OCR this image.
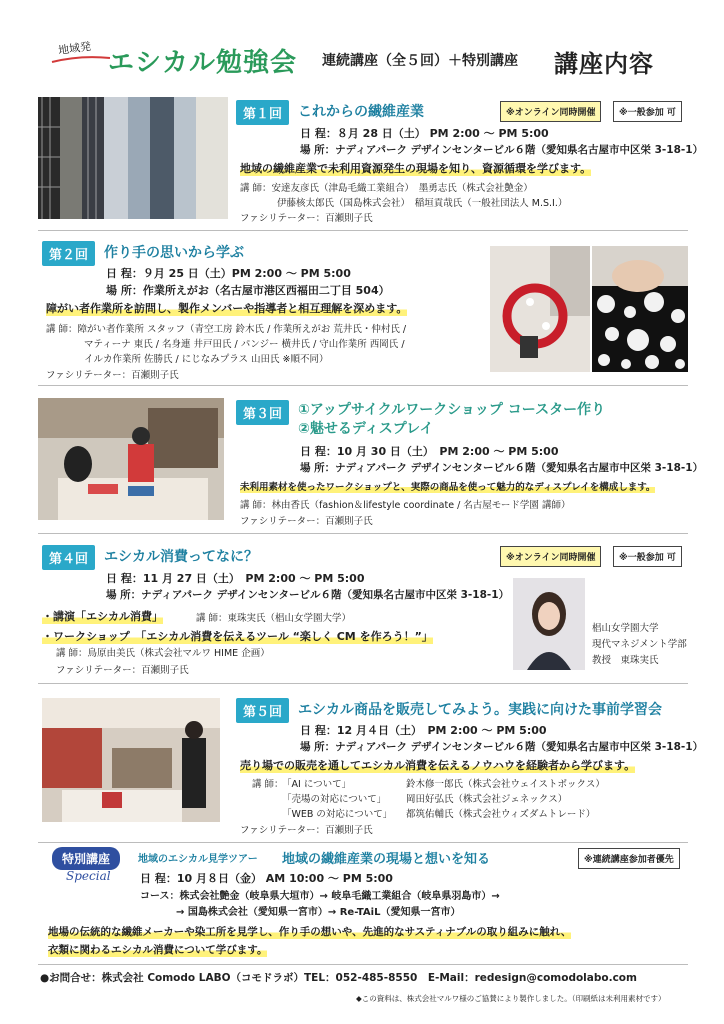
地域発 エシカル勉強会 連続講座（全５回）＋特別講座 講座内容
第１回	これからの繊維産業	※オンライン同時開催	※一般参加 可
日 程：８月 28 日（土） PM 2:00 〜 PM 5:00
場 所：ナディアパーク デザインセンタービル６階（愛知県名古屋市中区栄 3-18-1）
地域の繊維産業で未利用資源発生の現場を知り、資源循環を学びます。
講 師：安達友彦氏（津島毛織工業組合）　墨勇志氏（株式会社艶金）
伊藤核太郎氏（国島株式会社）　稲垣貢哉氏（一般社団法人 M.S.I.）
ファシリテーター：百瀬則子氏
第２回	作り手の思いから学ぶ
日 程：９月 25 日（土）PM 2:00 〜 PM 5:00
場 所：作業所えがお（名古屋市港区西福田二丁目 504）
障がい者作業所を訪問し、製作メンバーや指導者と相互理解を深めます。
講 師：障がい者作業所 スタッフ（青空工房 鈴木氏 / 作業所えがお 荒井氏・仲村氏 /
マティーナ 東氏 / 名身連 井戸田氏 / パンジー 横井氏 / 守山作業所 西岡氏 /
イルカ作業所 佐勝氏 / にじなみプラス 山田氏 ※順不同）
ファシリテーター：百瀬則子氏
第３回	①アップサイクルワークショップ コースター作り
②魅せるディスプレイ
日 程：10 月 30 日（土）　PM 2:00 〜 PM 5:00
場 所：ナディアパーク デザインセンタービル６階（愛知県名古屋市中区栄 3-18-1）
未利用素材を使ったワークショップと、実際の商品を使って魅力的なディスプレイを構成します。
講 師：林由香氏（fashion＆lifestyle coordinate / 名古屋モード学園 講師）
ファシリテーター：百瀬則子氏
第４回	エシカル消費ってなに？	※オンライン同時開催	※一般参加 可
日 程：11 月 27 日（土）　PM 2:00 〜 PM 5:00
場 所：ナディアパーク デザインセンタービル６階（愛知県名古屋市中区栄 3-18-1）
・講演「エシカル消費」	講 師：東珠実氏（椙山女学園大学）
・ワークショップ　「エシカル消費を伝えるツール “楽しく CM を作ろう！”」
講 師：鳥原由美氏（株式会社マルワ HIME 企画）
ファシリテーター：百瀬則子氏
椙山女学園大学
現代マネジメント学部
教授　東珠実氏
第５回	エシカル商品を販売してみよう。実践に向けた事前学習会
日 程：12 月４日（土）　PM 2:00 〜 PM 5:00
場 所：ナディアパーク デザインセンタービル６階（愛知県名古屋市中区栄 3-18-1）
売り場での販売を通してエシカル消費を伝えるノウハウを経験者から学びます。
講 師：
「AI について」	鈴木修一郎氏（株式会社ウェイストボックス）
「売場の対応について」 岡田好弘氏（株式会社ジェネックス）
「WEB の対応について」 都筑佑輔氏（株式会社ウィズダムトレード）
ファシリテーター：百瀬則子氏
特別講座
Special
地域のエシカル見学ツアー 地域の繊維産業の現場と想いを知る	※連続講座参加者優先
日 程：10 月８日（金） AM 10:00 〜 PM 5:00
コース：株式会社艶金（岐阜県大垣市）→ 岐阜毛織工業組合（岐阜県羽島市）→
→ 国島株式会社（愛知県一宮市）→ Re-TAiL（愛知県一宮市）
地場の伝統的な繊維メーカーや染工所を見学し、作り手の想いや、先進的なサスティナブルの取り組みに触れ、
衣類に関わるエシカル消費について学びます。
●お問合せ：株式会社 Comodo LABO（コモドラボ）TEL：052-485-8550　E-Mail：redesign@comodolabo.com
◆この資料は、株式会社マルワ様のご協賛により製作しました。（印刷紙は未利用素材です）
